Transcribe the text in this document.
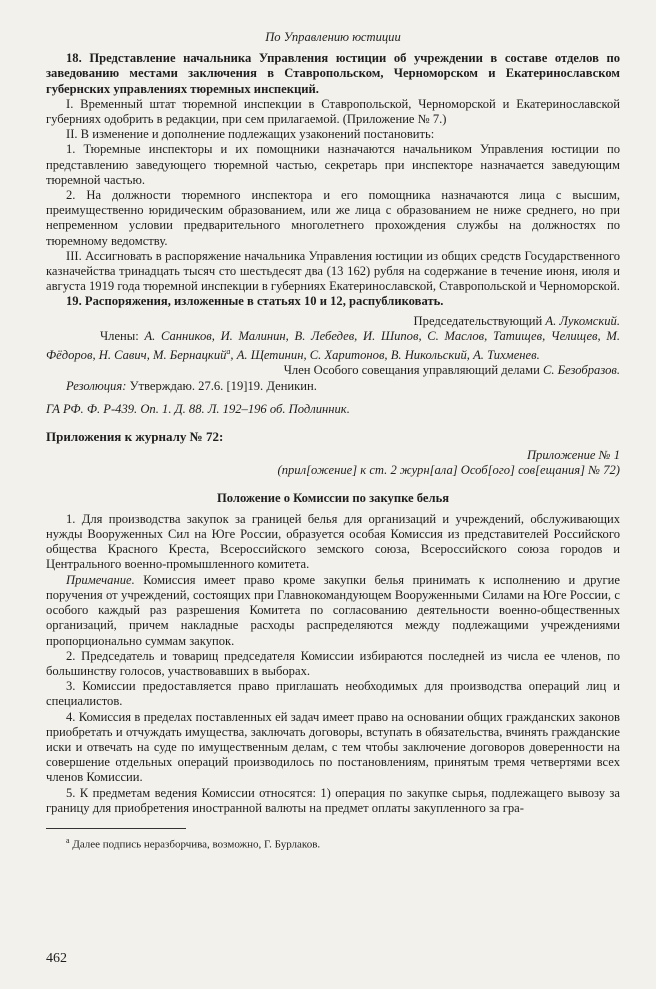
По Управлению юстиции

18. Представление начальника Управления юстиции об учреждении в составе отделов по заведованию местами заключения в Ставропольском, Черноморском и Екатеринославском губернских управлениях тюремных инспекций.

I. Временный штат тюремной инспекции в Ставропольской, Черноморской и Екатеринославской губерниях одобрить в редакции, при сем прилагаемой. (Приложение № 7.)

II. В изменение и дополнение подлежащих узаконений постановить:

1. Тюремные инспекторы и их помощники назначаются начальником Управления юстиции по представлению заведующего тюремной частью, секретарь при инспекторе назначается заведующим тюремной частью.

2. На должности тюремного инспектора и его помощника назначаются лица с высшим, преимущественно юридическим образованием, или же лица с образованием не ниже среднего, но при непременном условии предварительного многолетнего прохождения службы на должностях по тюремному ведомству.

III. Ассигновать в распоряжение начальника Управления юстиции из общих средств Государственного казначейства тринадцать тысяч сто шестьдесят два (13 162) рубля на содержание в течение июня, июля и августа 1919 года тюремной инспекции в губерниях Екатеринославской, Ставропольской и Черноморской.

19. Распоряжения, изложенные в статьях 10 и 12, распубликовать.

Председательствующий А. Лукомский.

Члены: А. Санников, И. Малинин, В. Лебедев, И. Шипов, С. Маслов, Татищев, Челищев, М. Фёдоров, Н. Савич, М. Бернацкий$^a$, А. Щетинин, С. Харитонов, В. Никольский, А. Тихменев.

Член Особого совещания управляющий делами С. Безобразов.

Резолюция: Утверждаю. 27.6. [19]19. Деникин.

ГА РФ. Ф. Р-439. Оп. 1. Д. 88. Л. 192–196 об. Подлинник.

Приложения к журналу № 72:

Приложение № 1

(прил[ожение] к ст. 2 журн[ала] Особ[ого] сов[ещания] № 72)

Положение о Комиссии по закупке белья

1. Для производства закупок за границей белья для организаций и учреждений, обслуживающих нужды Вооруженных Сил на Юге России, образуется особая Комиссия из представителей Российского общества Красного Креста, Всероссийского земского союза, Всероссийского союза городов и Центрального военно-промышленного комитета.

Примечание. Комиссия имеет право кроме закупки белья принимать к исполнению и другие поручения от учреждений, состоящих при Главнокомандующем Вооруженными Силами на Юге России, с особого каждый раз разрешения Комитета по согласованию деятельности военно-общественных организаций, причем накладные расходы распределяются между подлежащими учреждениями пропорционально суммам закупок.

2. Председатель и товарищ председателя Комиссии избираются последней из числа ее членов, по большинству голосов, участвовавших в выборах.

3. Комиссии предоставляется право приглашать необходимых для производства операций лиц и специалистов.

4. Комиссия в пределах поставленных ей задач имеет право на основании общих гражданских законов приобретать и отчуждать имущества, заключать договоры, вступать в обязательства, вчинять гражданские иски и отвечать на суде по имущественным делам, с тем чтобы заключение договоров доверенности на совершение отдельных операций производилось по постановлениям, принятым тремя четвертями всех членов Комиссии.

5. К предметам ведения Комиссии относятся: 1) операция по закупке сырья, подлежащего вывозу за границу для приобретения иностранной валюты на предмет оплаты закупленного за гра-

$^a$ Далее подпись неразборчива, возможно, Г. Бурлаков.

462
